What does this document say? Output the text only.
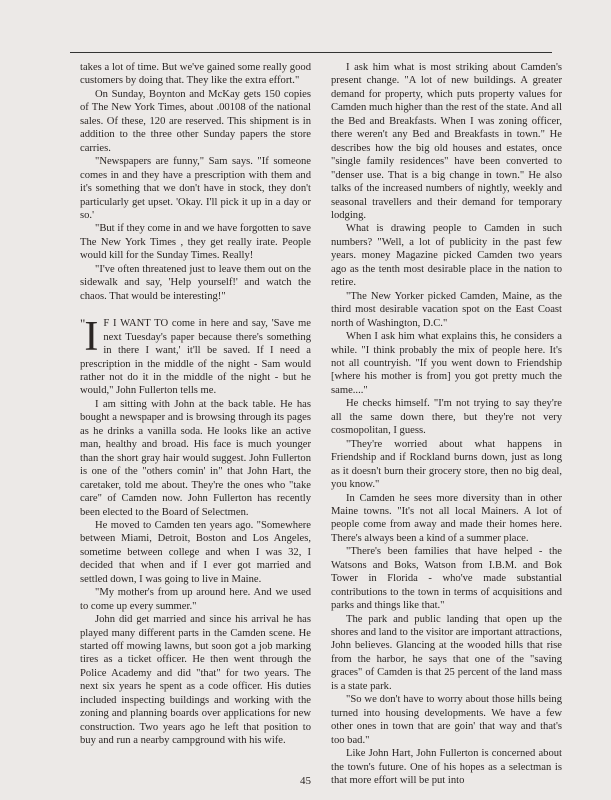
takes a lot of time. But we've gained some really good customers by doing that. They like the extra effort."

On Sunday, Boynton and McKay gets 150 copies of The New York Times, about .00108 of the national sales. Of these, 120 are reserved. This shipment is in addition to the three other Sunday papers the store carries.

"Newspapers are funny," Sam says. "If someone comes in and they have a prescription with them and it's something that we don't have in stock, they don't particularly get upset. 'Okay. I'll pick it up in a day or so.'

"But if they come in and we have forgotten to save The New York Times , they get really irate. People would kill for the Sunday Times. Really!

"I've often threatened just to leave them out on the sidewalk and say, 'Help yourself!' and watch the chaos. That would be interesting!"

" I F I WANT TO come in here and say, 'Save me next Tuesday's paper because there's something in there I want,' it'll be saved. If I need a prescription in the middle of the night - Sam would rather not do it in the middle of the night - but he would," John Fullerton tells me.

I am sitting with John at the back table. He has bought a newspaper and is browsing through its pages as he drinks a vanilla soda. He looks like an active man, healthy and broad. His face is much younger than the short gray hair would suggest. John Fullerton is one of the "others comin' in" that John Hart, the caretaker, told me about. They're the ones who "take care" of Camden now. John Fullerton has recently been elected to the Board of Selectmen.

He moved to Camden ten years ago. "Somewhere between Miami, Detroit, Boston and Los Angeles, sometime between college and when I was 32, I decided that when and if I ever got married and settled down, I was going to live in Maine.

"My mother's from up around here. And we used to come up every summer."

John did get married and since his arrival he has played many different parts in the Camden scene. He started off mowing lawns, but soon got a job marking tires as a ticket officer. He then went through the Police Academy and did "that" for two years. The next six years he spent as a code officer. His duties included inspecting buildings and working with the zoning and planning boards over applications for new construction. Two years ago he left that position to buy and run a nearby campground with his wife.

I ask him what is most striking about Camden's present change. "A lot of new buildings. A greater demand for property, which puts property values for Camden much higher than the rest of the state. And all the Bed and Breakfasts. When I was zoning officer, there weren't any Bed and Breakfasts in town." He describes how the big old houses and estates, once "single family residences" have been converted to "denser use. That is a big change in town." He also talks of the increased numbers of nightly, weekly and seasonal travellers and their demand for temporary lodging.

What is drawing people to Camden in such numbers? "Well, a lot of publicity in the past few years. money Magazine picked Camden two years ago as the tenth most desirable place in the nation to retire.

"The New Yorker picked Camden, Maine, as the third most desirable vacation spot on the East Coast north of Washington, D.C."

When I ask him what explains this, he considers a while. "I think probably the mix of people here. It's not all countryish. "If you went down to Friendship [where his mother is from] you got pretty much the same...."

He checks himself. "I'm not trying to say they're all the same down there, but they're not very cosmopolitan, I guess.

"They're worried about what happens in Friendship and if Rockland burns down, just as long as it doesn't burn their grocery store, then no big deal, you know."

In Camden he sees more diversity than in other Maine towns. "It's not all local Mainers. A lot of people come from away and made their homes here. There's always been a kind of a summer place.

"There's been families that have helped - the Watsons and Boks, Watson from I.B.M. and Bok Tower in Florida - who've made substantial contributions to the town in terms of acquisitions and parks and things like that."

The park and public landing that open up the shores and land to the visitor are important attractions, John believes. Glancing at the wooded hills that rise from the harbor, he says that one of the "saving graces" of Camden is that 25 percent of the land mass is a state park.

"So we don't have to worry about those hills being turned into housing developments. We have a few other ones in town that are goin' that way and that's too bad."

Like John Hart, John Fullerton is concerned about the town's future. One of his hopes as a selectman is that more effort will be put into

45
